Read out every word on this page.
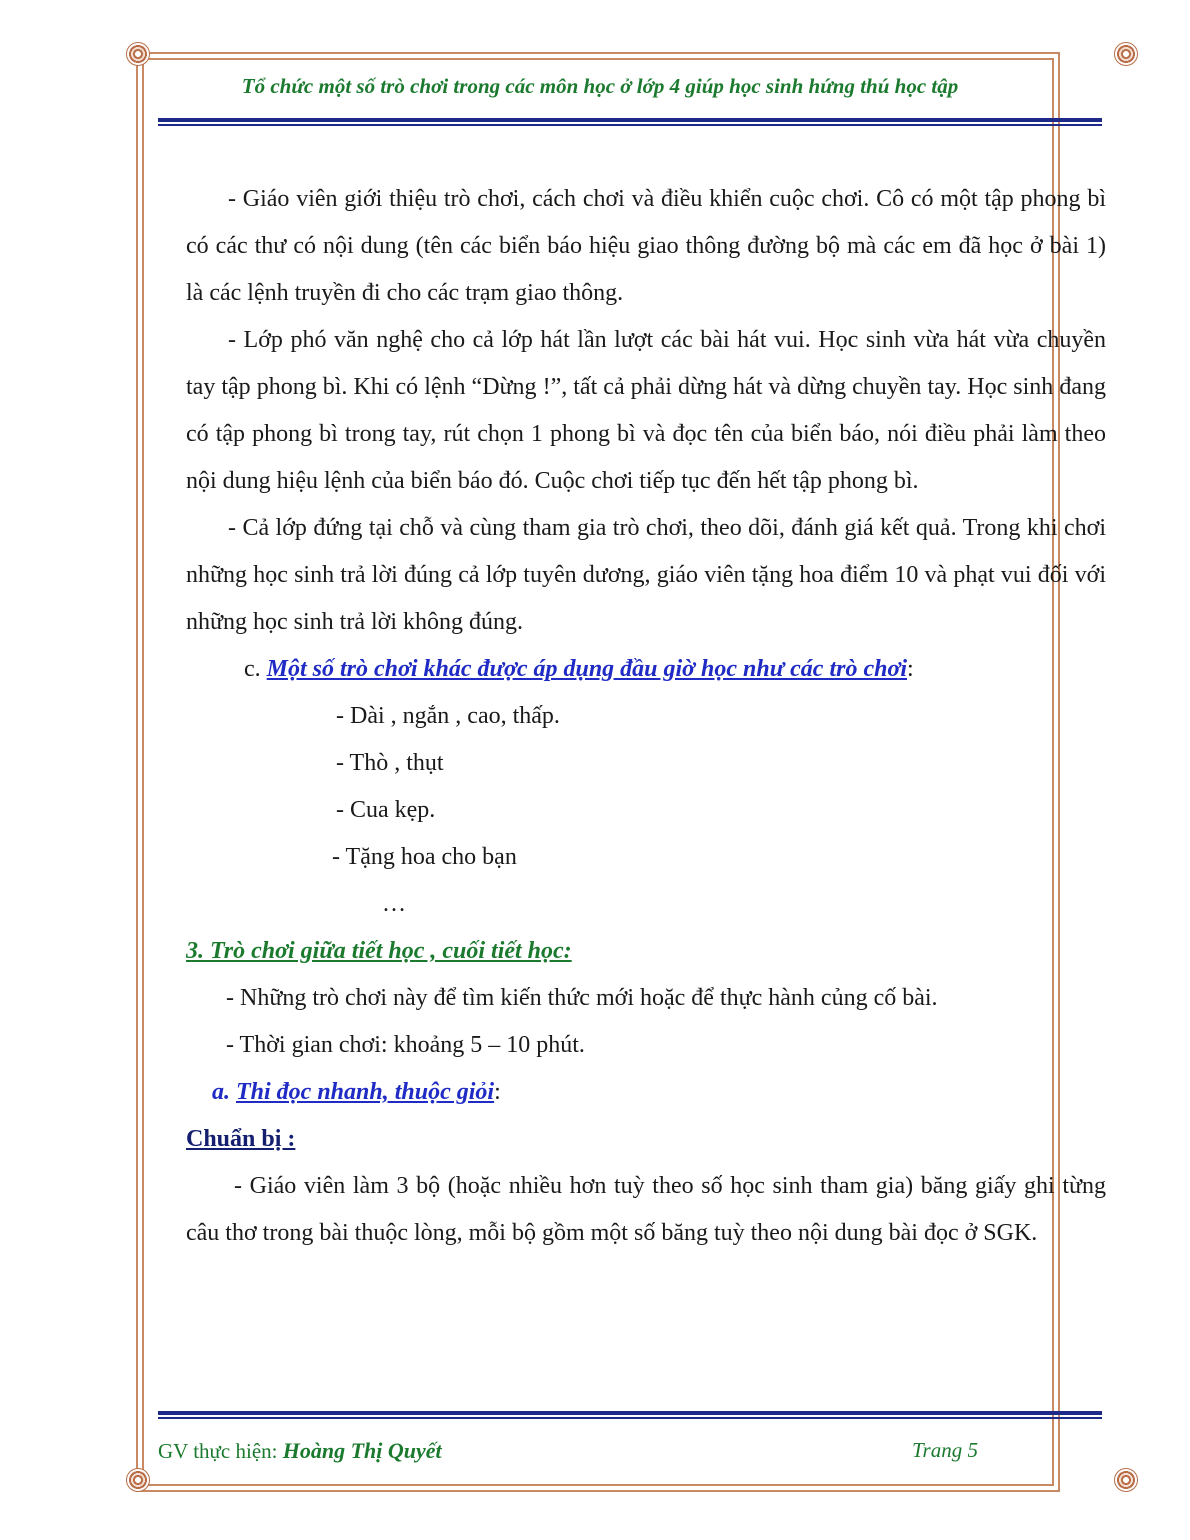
Tổ chức một số trò chơi trong các môn học ở lớp 4 giúp học sinh hứng thú học tập

- Giáo viên giới thiệu trò chơi, cách chơi và điều khiển cuộc chơi. Cô có một tập phong bì có các thư có nội dung (tên các biển báo hiệu giao thông đường bộ mà các em đã học ở bài 1) là các lệnh truyền đi cho các trạm giao thông.

- Lớp phó văn nghệ cho cả lớp hát lần lượt các bài hát vui. Học sinh vừa hát vừa chuyền tay tập phong bì. Khi có lệnh “Dừng !”, tất cả phải dừng hát và dừng chuyền tay. Học sinh đang có tập phong bì trong tay, rút chọn 1 phong bì và đọc tên của biển báo, nói điều phải làm theo nội dung hiệu lệnh của biển báo đó. Cuộc chơi tiếp tục đến hết tập phong bì.

- Cả lớp đứng tại chỗ và cùng tham gia trò chơi, theo dõi, đánh giá kết quả. Trong khi chơi những học sinh trả lời đúng cả lớp tuyên dương, giáo viên tặng hoa điểm 10 và phạt vui đối với những học sinh trả lời không đúng.

c. Một số trò chơi khác được áp dụng đầu giờ học như các trò chơi:

- Dài , ngắn , cao, thấp.

- Thò , thụt

- Cua kẹp.

- Tặng hoa cho bạn

…

3. Trò chơi giữa tiết học , cuối tiết học:

- Những trò chơi này để tìm kiến thức mới hoặc để thực hành củng cố bài.

- Thời gian chơi: khoảng 5 – 10 phút.

a. Thi đọc nhanh, thuộc giỏi:

Chuẩn bị :

- Giáo viên làm 3 bộ (hoặc nhiều hơn tuỳ theo số học sinh tham gia) băng giấy ghi từng câu thơ trong bài thuộc lòng, mỗi bộ gồm một số băng tuỳ theo nội dung bài đọc ở SGK.

GV thực hiện: Hoàng Thị Quyết	Trang 5
